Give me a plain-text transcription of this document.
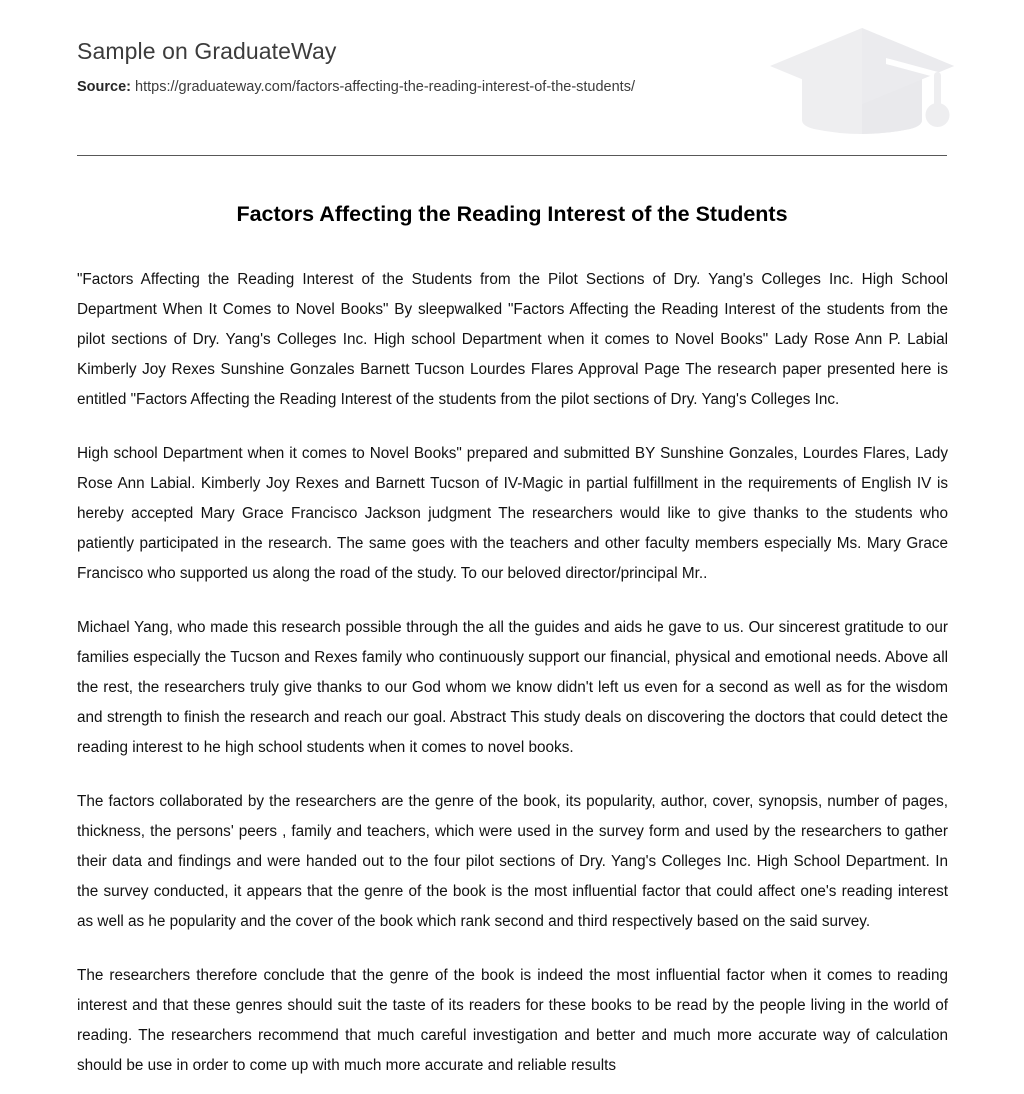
Sample on GraduateWay

Source: https://graduateway.com/factors-affecting-the-reading-interest-of-the-students/

Factors Affecting the Reading Interest of the Students

"Factors Affecting the Reading Interest of the Students from the Pilot Sections of Dry. Yang's Colleges Inc. High School Department When It Comes to Novel Books" By sleepwalked "Factors Affecting the Reading Interest of the students from the pilot sections of Dry. Yang's Colleges Inc. High school Department when it comes to Novel Books" Lady Rose Ann P. Labial Kimberly Joy Rexes Sunshine Gonzales Barnett Tucson Lourdes Flares Approval Page The research paper presented here is entitled "Factors Affecting the Reading Interest of the students from the pilot sections of Dry. Yang's Colleges Inc.

High school Department when it comes to Novel Books" prepared and submitted BY Sunshine Gonzales, Lourdes Flares, Lady Rose Ann Labial. Kimberly Joy Rexes and Barnett Tucson of IV-Magic in partial fulfillment in the requirements of English IV is hereby accepted Mary Grace Francisco Jackson judgment The researchers would like to give thanks to the students who patiently participated in the research. The same goes with the teachers and other faculty members especially Ms. Mary Grace Francisco who supported us along the road of the study. To our beloved director/principal Mr..

Michael Yang, who made this research possible through the all the guides and aids he gave to us. Our sincerest gratitude to our families especially the Tucson and Rexes family who continuously support our financial, physical and emotional needs. Above all the rest, the researchers truly give thanks to our God whom we know didn't left us even for a second as well as for the wisdom and strength to finish the research and reach our goal. Abstract This study deals on discovering the doctors that could detect the reading interest to he high school students when it comes to novel books.

The factors collaborated by the researchers are the genre of the book, its popularity, author, cover, synopsis, number of pages, thickness, the persons' peers , family and teachers, which were used in the survey form and used by the researchers to gather their data and findings and were handed out to the four pilot sections of Dry. Yang's Colleges Inc. High School Department. In the survey conducted, it appears that the genre of the book is the most influential factor that could affect one's reading interest as well as he popularity and the cover of the book which rank second and third respectively based on the said survey.

The researchers therefore conclude that the genre of the book is indeed the most influential factor when it comes to reading interest and that these genres should suit the taste of its readers for these books to be read by the people living in the world of reading. The researchers recommend that much careful investigation and better and much more accurate way of calculation should be use in order to come up with much more accurate and reliable results
